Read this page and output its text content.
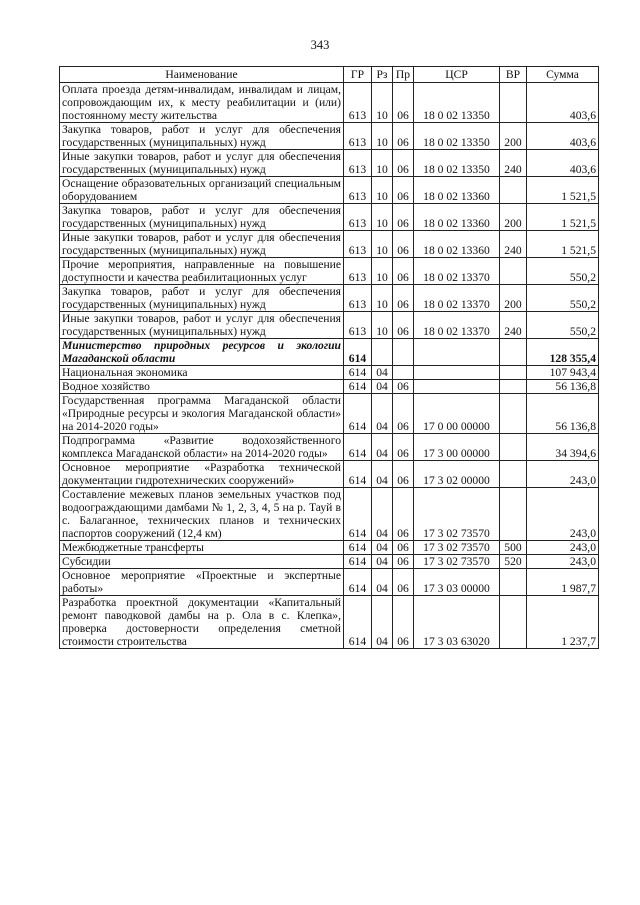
343
Наименование	ГР	Рз	Пр	ЦСР	ВР	Сумма
Оплата проезда детям-инвалидам, инвалидам и лицам, сопровождающим их, к месту реабилитации и (или) постоянному месту жительства	613	10	06	18 0 02 13350		403,6
Закупка товаров, работ и услуг для обеспечения государственных (муниципальных) нужд	613	10	06	18 0 02 13350	200	403,6
Иные закупки товаров, работ и услуг для обеспечения государственных (муниципальных) нужд	613	10	06	18 0 02 13350	240	403,6
Оснащение образовательных организаций специальным оборудованием	613	10	06	18 0 02 13360		1 521,5
Закупка товаров, работ и услуг для обеспечения государственных (муниципальных) нужд	613	10	06	18 0 02 13360	200	1 521,5
Иные закупки товаров, работ и услуг для обеспечения государственных (муниципальных) нужд	613	10	06	18 0 02 13360	240	1 521,5
Прочие мероприятия, направленные на повышение доступности и качества реабилитационных услуг	613	10	06	18 0 02 13370		550,2
Закупка товаров, работ и услуг для обеспечения государственных (муниципальных) нужд	613	10	06	18 0 02 13370	200	550,2
Иные закупки товаров, работ и услуг для обеспечения государственных (муниципальных) нужд	613	10	06	18 0 02 13370	240	550,2
Министерство природных ресурсов и экологии Магаданской области	614					128 355,4
Национальная экономика	614	04				107 943,4
Водное хозяйство	614	04	06			56 136,8
Государственная программа Магаданской области «Природные ресурсы и экология Магаданской области» на 2014-2020 годы»	614	04	06	17 0 00 00000		56 136,8
Подпрограмма «Развитие водохозяйственного комплекса Магаданской области» на 2014-2020 годы»	614	04	06	17 3 00 00000		34 394,6
Основное мероприятие «Разработка технической документации гидротехнических сооружений»	614	04	06	17 3 02 00000		243,0
Составление межевых планов земельных участков под водоограждающими дамбами № 1, 2, 3, 4, 5 на р. Тауй в с. Балаганное, технических планов и технических паспортов сооружений (12,4 км)	614	04	06	17 3 02 73570		243,0
Межбюджетные трансферты	614	04	06	17 3 02 73570	500	243,0
Субсидии	614	04	06	17 3 02 73570	520	243,0
Основное мероприятие «Проектные и экспертные работы»	614	04	06	17 3 03 00000		1 987,7
Разработка проектной документации «Капитальный ремонт паводковой дамбы на р. Ола в с. Клепка», проверка достоверности определения сметной стоимости строительства	614	04	06	17 3 03 63020		1 237,7
